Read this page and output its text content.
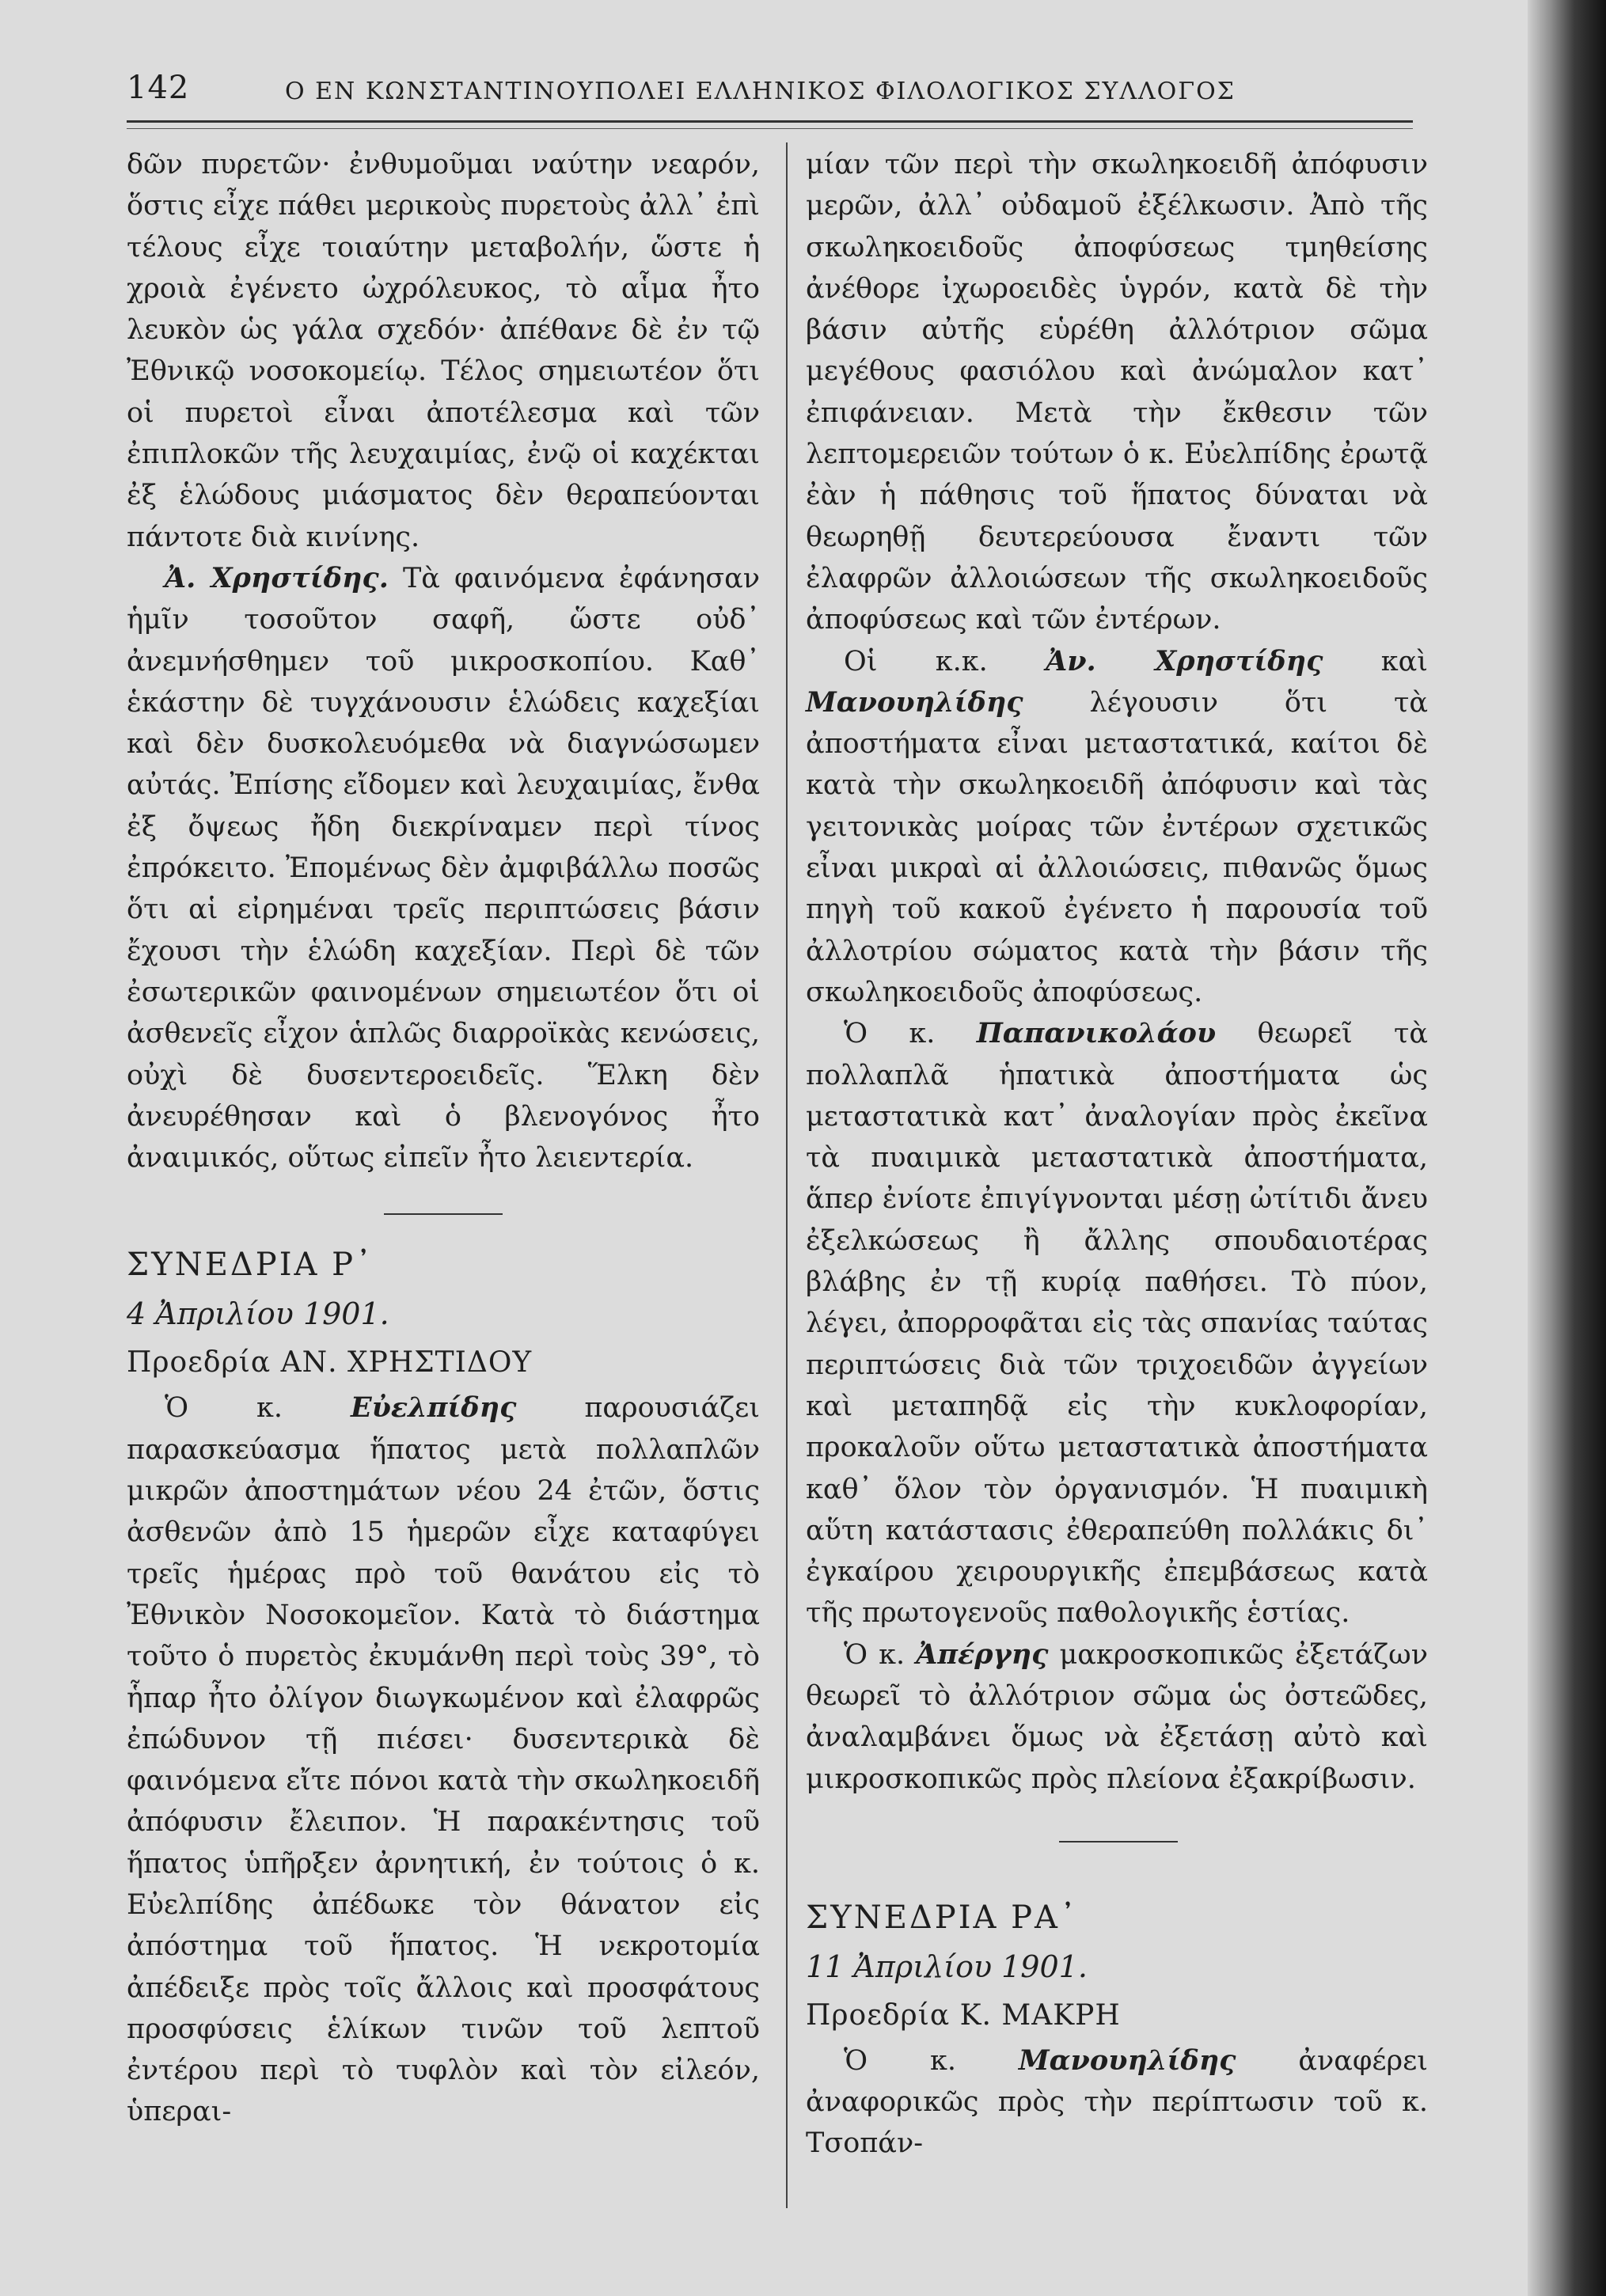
142	Ο ΕΝ ΚΩΝΣΤΑΝΤΙΝΟΥΠΟΛΕΙ ΕΛΛΗΝΙΚΟΣ ΦΙΛΟΛΟΓΙΚΟΣ ΣΥΛΛΟΓΟΣ

δῶν πυρετῶν· ἐνθυμοῦμαι ναύτην νεαρόν, ὅστις εἶχε πάθει μερικοὺς πυρετοὺς ἀλλ᾽ ἐπὶ τέλους εἶχε τοιαύτην μεταβολήν, ὥστε ἡ χροιὰ ἐγένετο ὠχρόλευκος, τὸ αἷμα ἦτο λευκὸν ὡς γάλα σχεδόν· ἀπέθανε δὲ ἐν τῷ Ἐθνικῷ νοσοκομείῳ. Τέλος σημειωτέον ὅτι οἱ πυρετοὶ εἶναι ἀποτέλεσμα καὶ τῶν ἐπιπλοκῶν τῆς λευχαιμίας, ἐνῷ οἱ καχέκται ἐξ ἑλώδους μιάσματος δὲν θεραπεύονται πάντοτε διὰ κινίνης.

Ἀ. Χρηστίδης. Τὰ φαινόμενα ἐφάνησαν ἡμῖν τοσοῦτον σαφῆ, ὥστε οὐδ᾽ ἀνεμνήσθημεν τοῦ μικροσκοπίου. Καθ᾽ ἑκάστην δὲ τυγχάνουσιν ἑλώδεις καχεξίαι καὶ δὲν δυσκολευόμεθα νὰ διαγνώσωμεν αὐτάς. Ἐπίσης εἴδομεν καὶ λευχαιμίας, ἔνθα ἐξ ὄψεως ἤδη διεκρίναμεν περὶ τίνος ἐπρόκειτο. Ἐπομένως δὲν ἀμφιβάλλω ποσῶς ὅτι αἱ εἰρημέναι τρεῖς περιπτώσεις βάσιν ἔχουσι τὴν ἑλώδη καχεξίαν. Περὶ δὲ τῶν ἐσωτερικῶν φαινομένων σημειωτέον ὅτι οἱ ἀσθενεῖς εἶχον ἁπλῶς διαρροϊκὰς κενώσεις, οὐχὶ δὲ δυσεντεροειδεῖς. Ἕλκη δὲν ἀνευρέθησαν καὶ ὁ βλενογόνος ἦτο ἀναιμικός, οὕτως εἰπεῖν ἦτο λειεντερία.

ΣΥΝΕΔΡΙΑ Ρ᾽

4 Ἀπριλίου 1901.

Προεδρία ΑΝ. ΧΡΗΣΤΙΔΟΥ

Ὁ κ. Εὐελπίδης παρουσιάζει παρασκεύασμα ἥπατος μετὰ πολλαπλῶν μικρῶν ἀποστημάτων νέου 24 ἐτῶν, ὅστις ἀσθενῶν ἀπὸ 15 ἡμερῶν εἶχε καταφύγει τρεῖς ἡμέρας πρὸ τοῦ θανάτου εἰς τὸ Ἐθνικὸν Νοσοκομεῖον. Κατὰ τὸ διάστημα τοῦτο ὁ πυρετὸς ἐκυμάνθη περὶ τοὺς 39°, τὸ ἧπαρ ἦτο ὀλίγον διωγκωμένον καὶ ἐλαφρῶς ἐπώδυνον τῇ πιέσει· δυσεντερικὰ δὲ φαινόμενα εἴτε πόνοι κατὰ τὴν σκωληκοειδῆ ἀπόφυσιν ἔλειπον. Ἡ παρακέντησις τοῦ ἥπατος ὑπῆρξεν ἀρνητική, ἐν τούτοις ὁ κ. Εὐελπίδης ἀπέδωκε τὸν θάνατον εἰς ἀπόστημα τοῦ ἥπατος. Ἡ νεκροτομία ἀπέδειξε πρὸς τοῖς ἄλλοις καὶ προσφάτους προσφύσεις ἑλίκων τινῶν τοῦ λεπτοῦ ἐντέρου περὶ τὸ τυφλὸν καὶ τὸν εἰλεόν, ὑπεραι-

μίαν τῶν περὶ τὴν σκωληκοειδῆ ἀπόφυσιν μερῶν, ἀλλ᾽ οὐδαμοῦ ἐξέλκωσιν. Ἀπὸ τῆς σκωληκοειδοῦς ἀποφύσεως τμηθείσης ἀνέθορε ἰχωροειδὲς ὑγρόν, κατὰ δὲ τὴν βάσιν αὐτῆς εὑρέθη ἀλλότριον σῶμα μεγέθους φασιόλου καὶ ἀνώμαλον κατ᾽ ἐπιφάνειαν. Μετὰ τὴν ἔκθεσιν τῶν λεπτομερειῶν τούτων ὁ κ. Εὐελπίδης ἐρωτᾷ ἐὰν ἡ πάθησις τοῦ ἥπατος δύναται νὰ θεωρηθῇ δευτερεύουσα ἔναντι τῶν ἐλαφρῶν ἀλλοιώσεων τῆς σκωληκοειδοῦς ἀποφύσεως καὶ τῶν ἐντέρων.

Οἱ κ.κ. Ἀν. Χρηστίδης καὶ Μανουηλίδης λέγουσιν ὅτι τὰ ἀποστήματα εἶναι μεταστατικά, καίτοι δὲ κατὰ τὴν σκωληκοειδῆ ἀπόφυσιν καὶ τὰς γειτονικὰς μοίρας τῶν ἐντέρων σχετικῶς εἶναι μικραὶ αἱ ἀλλοιώσεις, πιθανῶς ὅμως πηγὴ τοῦ κακοῦ ἐγένετο ἡ παρουσία τοῦ ἀλλοτρίου σώματος κατὰ τὴν βάσιν τῆς σκωληκοειδοῦς ἀποφύσεως.

Ὁ κ. Παπανικολάου θεωρεῖ τὰ πολλαπλᾶ ἡπατικὰ ἀποστήματα ὡς μεταστατικὰ κατ᾽ ἀναλογίαν πρὸς ἐκεῖνα τὰ πυαιμικὰ μεταστατικὰ ἀποστήματα, ἅπερ ἐνίοτε ἐπιγίγνονται μέσῃ ὠτίτιδι ἄνευ ἐξελκώσεως ἢ ἄλλης σπουδαιοτέρας βλάβης ἐν τῇ κυρίᾳ παθήσει. Τὸ πύον, λέγει, ἀπορροφᾶται εἰς τὰς σπανίας ταύτας περιπτώσεις διὰ τῶν τριχοειδῶν ἀγγείων καὶ μεταπηδᾷ εἰς τὴν κυκλοφορίαν, προκαλοῦν οὕτω μεταστατικὰ ἀποστήματα καθ᾽ ὅλον τὸν ὀργανισμόν. Ἡ πυαιμικὴ αὕτη κατάστασις ἐθεραπεύθη πολλάκις δι᾽ ἐγκαίρου χειρουργικῆς ἐπεμβάσεως κατὰ τῆς πρωτογενοῦς παθολογικῆς ἑστίας.

Ὁ κ. Ἀπέργης μακροσκοπικῶς ἐξετάζων θεωρεῖ τὸ ἀλλότριον σῶμα ὡς ὀστεῶδες, ἀναλαμβάνει ὅμως νὰ ἐξετάσῃ αὐτὸ καὶ μικροσκοπικῶς πρὸς πλείονα ἐξακρίβωσιν.

ΣΥΝΕΔΡΙΑ ΡΑ᾽

11 Ἀπριλίου 1901.

Προεδρία Κ. ΜΑΚΡΗ

Ὁ κ. Μανουηλίδης ἀναφέρει ἀναφορικῶς πρὸς τὴν περίπτωσιν τοῦ κ. Τσοπάν-
